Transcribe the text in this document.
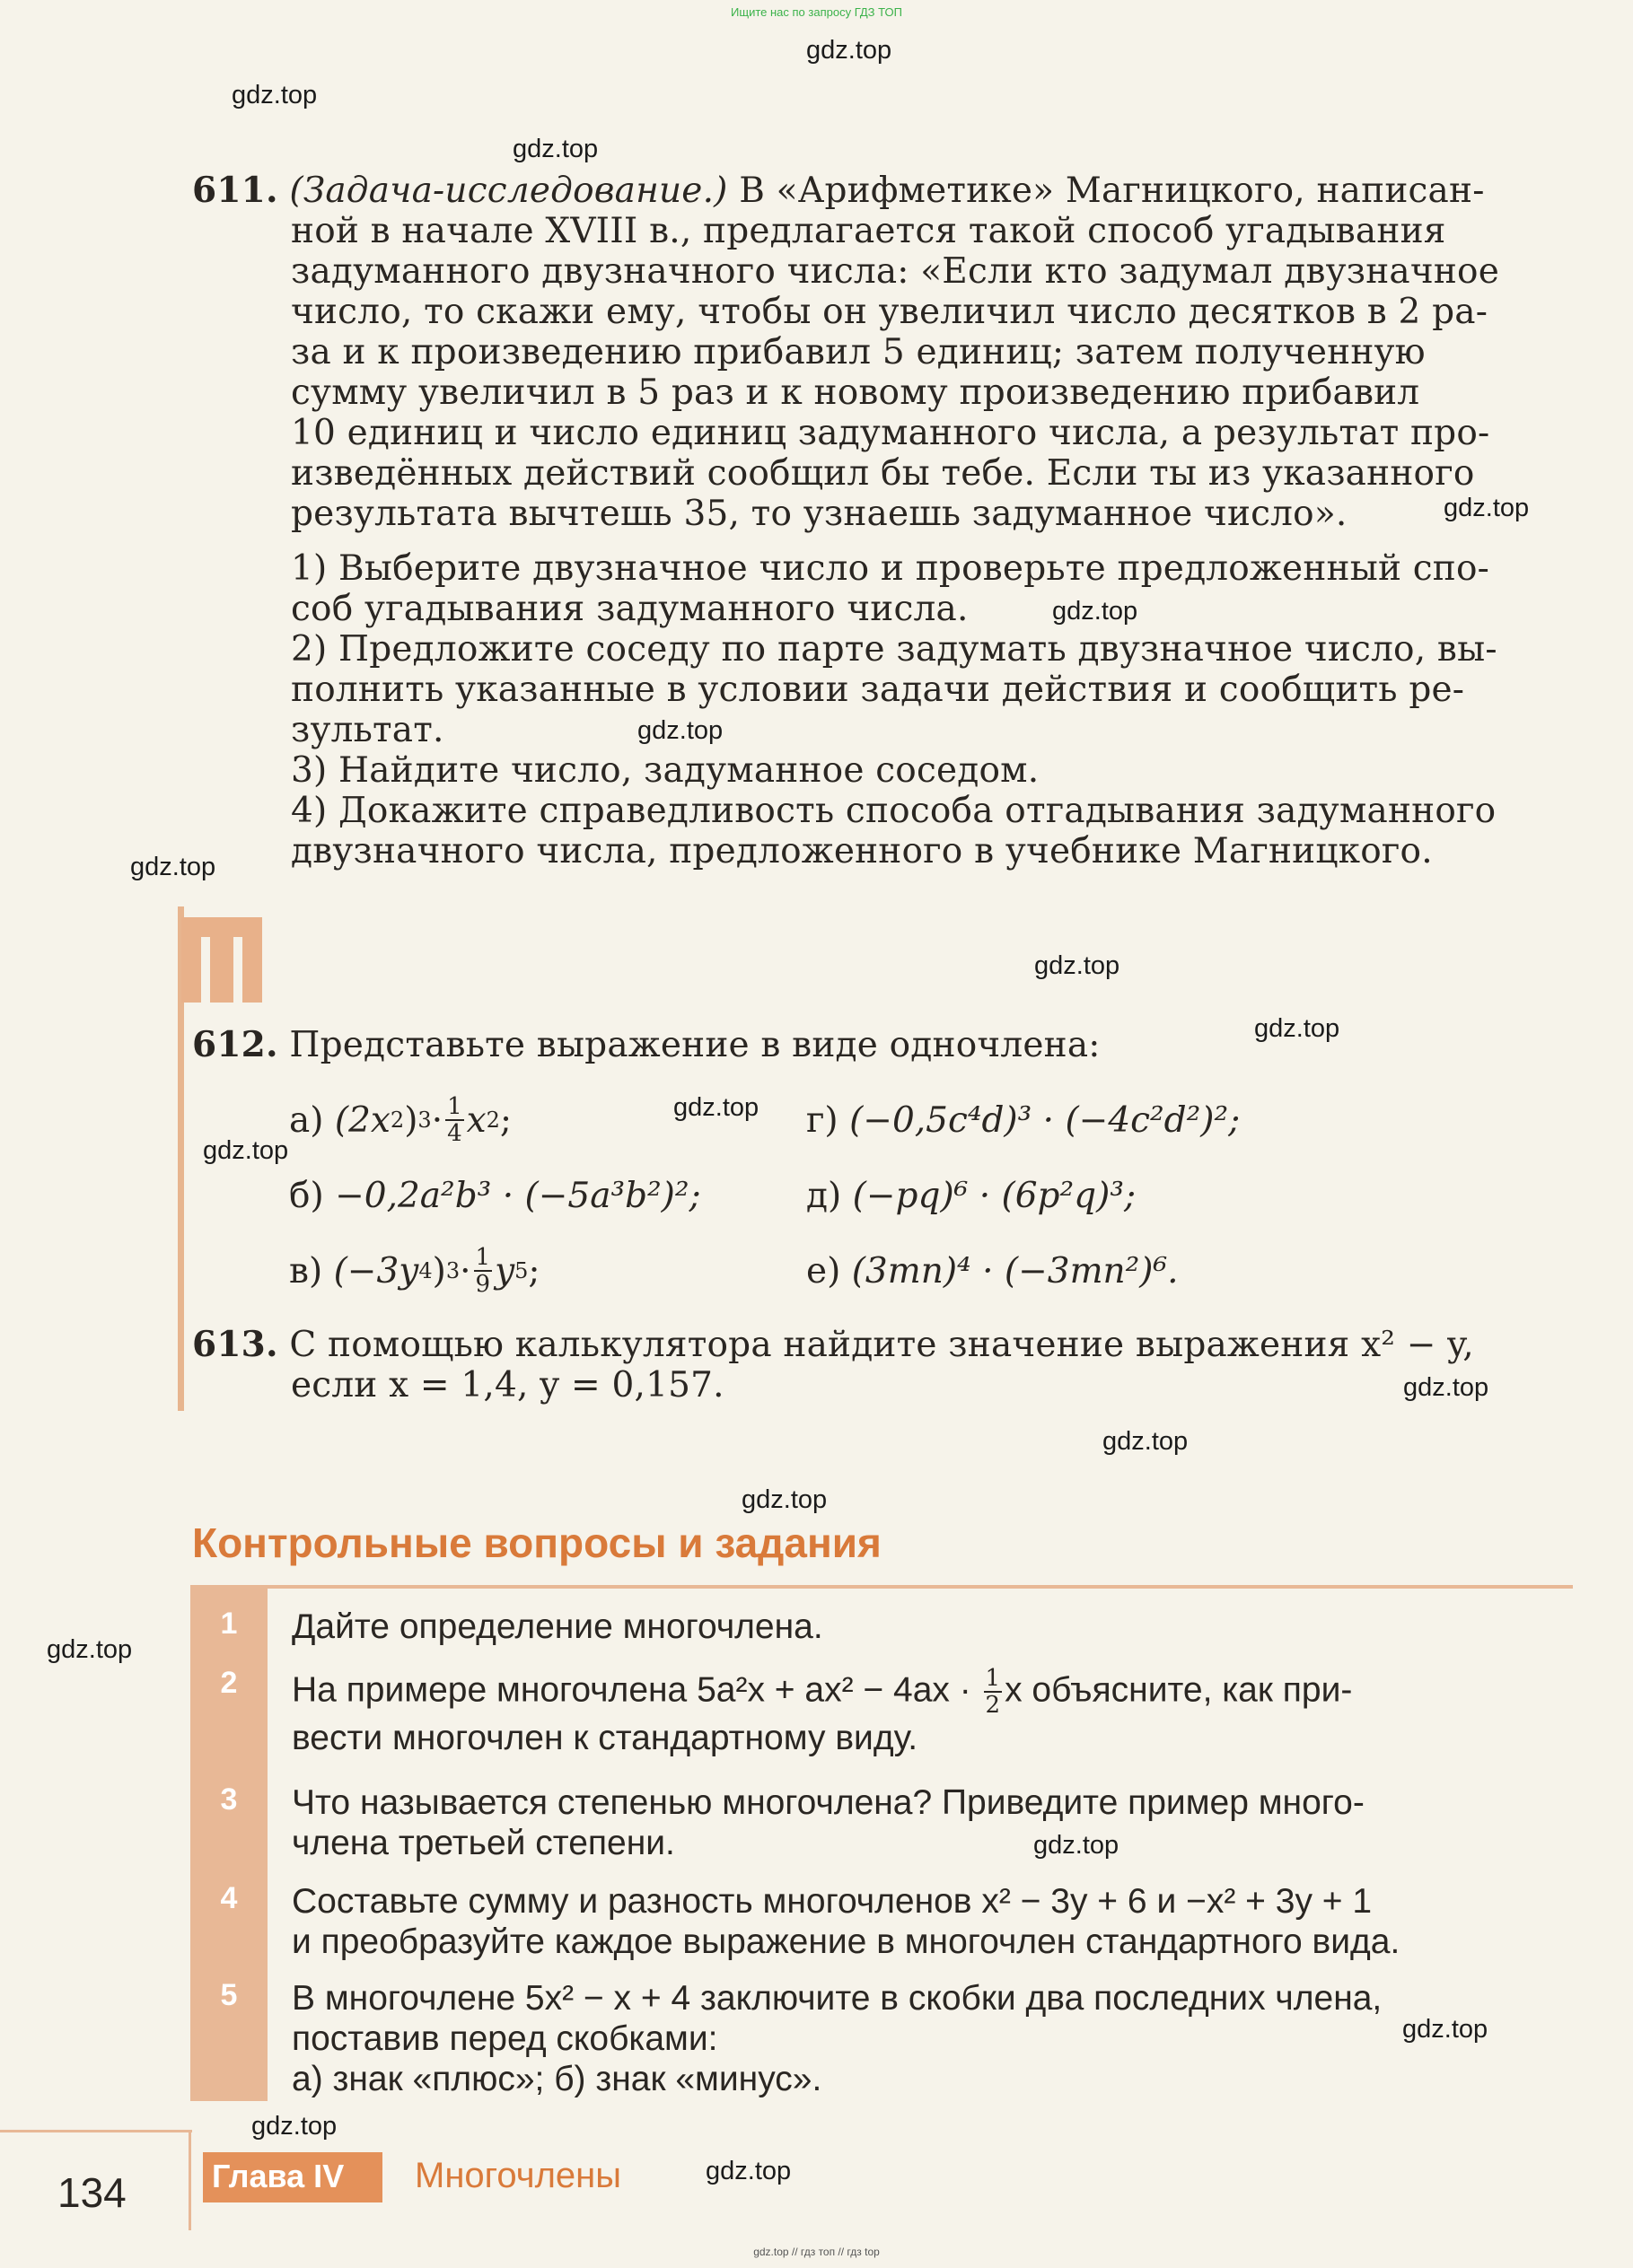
Ищите нас по запросу ГДЗ ТОП
gdz.top
gdz.top
gdz.top
gdz.top
gdz.top
gdz.top
gdz.top
gdz.top
gdz.top
gdz.top
gdz.top
gdz.top
gdz.top
gdz.top
gdz.top
gdz.top
gdz.top
gdz.top
gdz.top
611. (Задача-исследование.) В «Арифметике» Магницкого, написан-
ной в начале XVIII в., предлагается такой способ угадывания
задуманного двузначного числа: «Если кто задумал двузначное
число, то скажи ему, чтобы он увеличил число десятков в 2 ра-
за и к произведению прибавил 5 единиц; затем полученную
сумму увеличил в 5 раз и к новому произведению прибавил
10 единиц и число единиц задуманного числа, а результат про-
изведённых действий сообщил бы тебе. Если ты из указанного
результата вычтешь 35, то узнаешь задуманное число».
1) Выберите двузначное число и проверьте предложенный спо-
соб угадывания задуманного числа.
2) Предложите соседу по парте задумать двузначное число, вы-
полнить указанные в условии задачи действия и сообщить ре-
зультат.
3) Найдите число, задуманное соседом.
4) Докажите справедливость способа отгадывания задуманного
двузначного числа, предложенного в учебнике Магницкого.
612. Представьте выражение в виде одночлена:
а)
(2x 2 ) $3 \cdot \frac{1}{4}$ x 2 ;
б)
−0,2a²b³ · (−5a³b²)²;
в)
(−3y 4 ) $3 \cdot \frac{1}{9}$ y 5 ;
г)
(−0,5c⁴d)³ · (−4c²d²)²;
д)
(−pq)⁶ · (6p²q)³;
е)
(3mn)⁴ · (−3mn²)⁶.
613. С помощью калькулятора найдите значение выражения x² − y,
если x = 1,4, y = 0,157.
Контрольные вопросы и задания
1	Дайте определение многочлена.
2	На примере многочлена $5a^2x + ax^2 - 4ax \cdot \frac{1}{2}$ x объясните, как при-
вести многочлен к стандартному виду.
3	Что называется степенью многочлена? Приведите пример много-
члена третьей степени.
4	Составьте сумму и разность многочленов x² − 3y + 6 и −x² + 3y + 1
и преобразуйте каждое выражение в многочлен стандартного вида.
5	В многочлене 5x² − x + 4 заключите в скобки два последних члена,
поставив перед скобками:
а) знак «плюс»; б) знак «минус».
134	Глава IV Многочлены
gdz.top // гдз топ // гдз top
